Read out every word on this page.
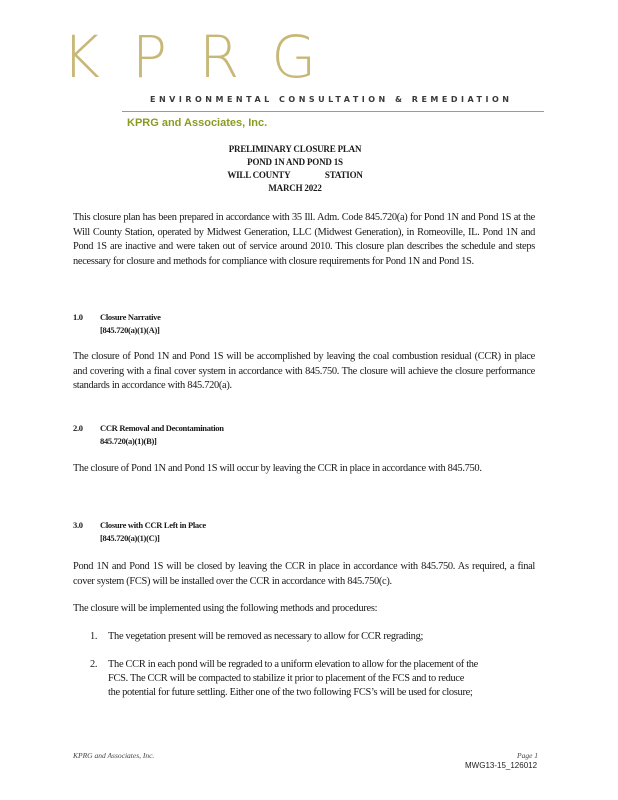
KPRG
ENVIRONMENTAL CONSULTATION & REMEDIATION
KPRG and Associates, Inc.
PRELIMINARY CLOSURE PLAN
POND 1N AND POND 1S
WILL COUNTY                 STATION
MARCH 2022

This closure plan has been prepared in accordance with 35 Ill. Adm. Code 845.720(a) for Pond 1N and Pond 1S at the Will County Station, operated by Midwest Generation, LLC (Midwest Generation), in Romeoville, IL. Pond 1N and Pond 1S are inactive and were taken out of service around 2010. This closure plan describes the schedule and steps necessary for closure and methods for compliance with closure requirements for Pond 1N and Pond 1S.

1.0 Closure Narrative
[845.720(a)(1)(A)]

The closure of Pond 1N and Pond 1S will be accomplished by leaving the coal combustion residual (CCR) in place and covering with a final cover system in accordance with 845.750. The closure will achieve the closure performance standards in accordance with 845.720(a).

2.0 CCR Removal and Decontamination
845.720(a)(1)(B)]

The closure of Pond 1N and Pond 1S will occur by leaving the CCR in place in accordance with 845.750.

3.0 Closure with CCR Left in Place
[845.720(a)(1)(C)]

Pond 1N and Pond 1S will be closed by leaving the CCR in place in accordance with 845.750. As required, a final cover system (FCS) will be installed over the CCR in accordance with 845.750(c).

The closure will be implemented using the following methods and procedures:

1.	The vegetation present will be removed as necessary to allow for CCR regrading;
2.	The CCR in each pond will be regraded to a uniform elevation to allow for the placement of the FCS. The CCR will be compacted to stabilize it prior to placement of the FCS and to reduce the potential for future settling. Either one of the two following FCS’s will be used for closure;
KPRG and Associates, Inc.	Page 1
MWG13-15_126012
